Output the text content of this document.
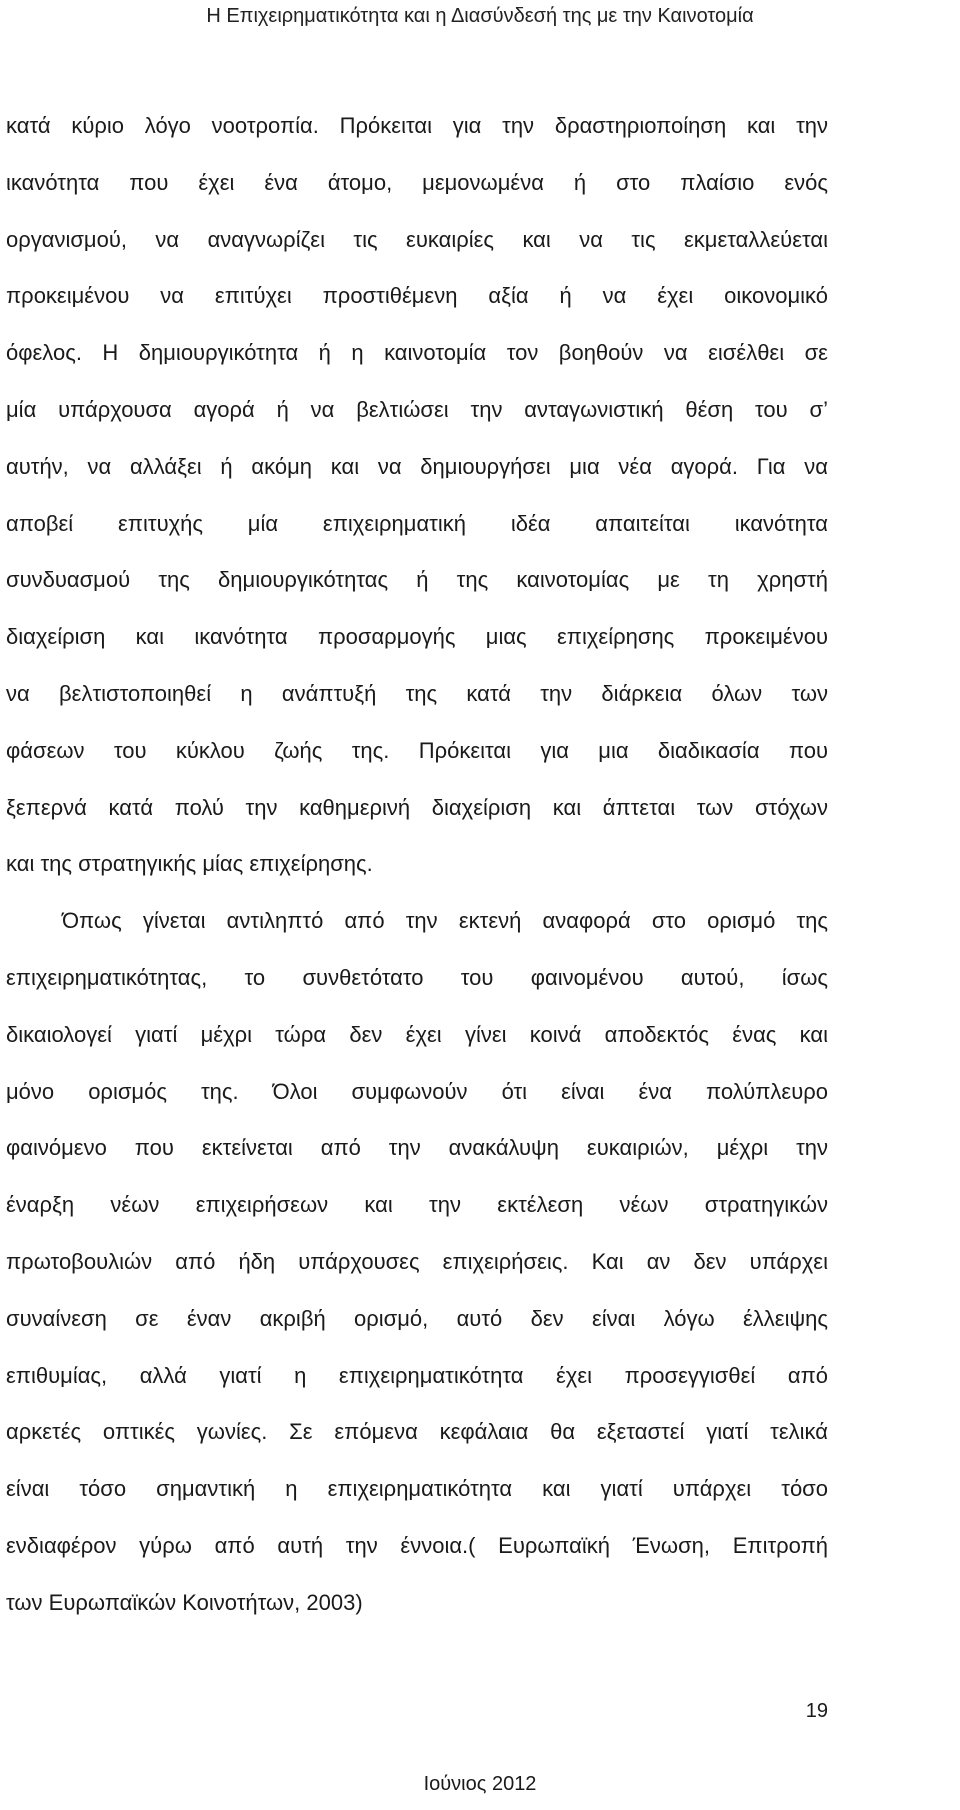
Η Επιχειρηματικότητα και η Διασύνδεσή της με την Καινοτομία

κατά κύριο λόγο νοοτροπία. Πρόκειται για την δραστηριοποίηση και την
ικανότητα που έχει ένα άτομο, μεμονωμένα ή στο πλαίσιο ενός
οργανισμού, να αναγνωρίζει τις ευκαιρίες και να τις εκμεταλλεύεται
προκειμένου να επιτύχει προστιθέμενη αξία ή να έχει οικονομικό
όφελος. Η δημιουργικότητα ή η καινοτομία τον βοηθούν να εισέλθει σε
μία υπάρχουσα αγορά ή να βελτιώσει την ανταγωνιστική θέση του σ’
αυτήν, να αλλάξει ή ακόμη και να δημιουργήσει μια νέα αγορά. Για να
αποβεί επιτυχής μία επιχειρηματική ιδέα απαιτείται ικανότητα
συνδυασμού της δημιουργικότητας ή της καινοτομίας με τη χρηστή
διαχείριση και ικανότητα προσαρμογής μιας επιχείρησης προκειμένου
να βελτιστοποιηθεί η ανάπτυξή της κατά την διάρκεια όλων των
φάσεων του κύκλου ζωής της. Πρόκειται για μια διαδικασία που
ξεπερνά κατά πολύ την καθημερινή διαχείριση και άπτεται των στόχων
και της στρατηγικής μίας επιχείρησης.

Όπως γίνεται αντιληπτό από την εκτενή αναφορά στο ορισμό της
επιχειρηματικότητας, το συνθετότατο του φαινομένου αυτού, ίσως
δικαιολογεί γιατί μέχρι τώρα δεν έχει γίνει κοινά αποδεκτός ένας και
μόνο ορισμός της. Όλοι συμφωνούν ότι είναι ένα πολύπλευρο
φαινόμενο που εκτείνεται από την ανακάλυψη ευκαιριών, μέχρι την
έναρξη νέων επιχειρήσεων και την εκτέλεση νέων στρατηγικών
πρωτοβουλιών από ήδη υπάρχουσες επιχειρήσεις. Και αν δεν υπάρχει
συναίνεση σε έναν ακριβή ορισμό, αυτό δεν είναι λόγω έλλειψης
επιθυμίας, αλλά γιατί η επιχειρηματικότητα έχει προσεγγισθεί από
αρκετές οπτικές γωνίες. Σε επόμενα κεφάλαια θα εξεταστεί γιατί τελικά
είναι τόσο σημαντική η επιχειρηματικότητα και γιατί υπάρχει τόσο
ενδιαφέρον γύρω από αυτή την έννοια.( Ευρωπαϊκή Ένωση, Επιτροπή
των Ευρωπαϊκών Κοινοτήτων, 2003)

19
Ιούνιος 2012
